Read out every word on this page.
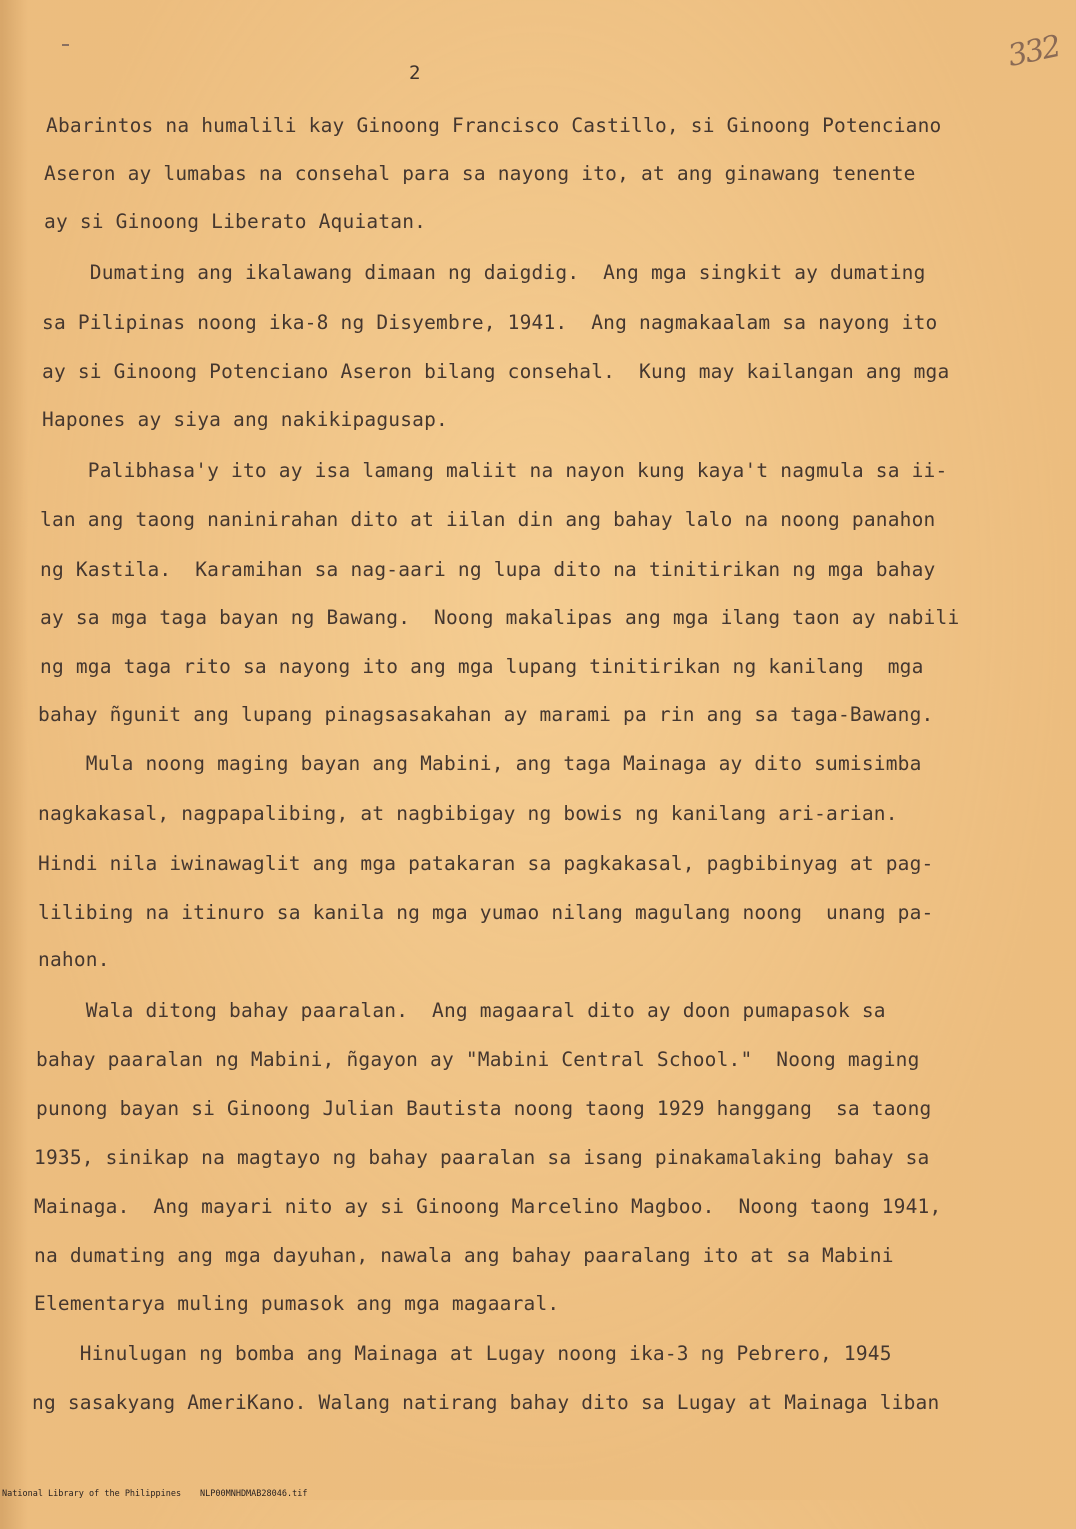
2	332
Abarintos na humalili kay Ginoong Francisco Castillo, si Ginoong Potenciano
Aseron ay lumabas na consehal para sa nayong ito, at ang ginawang tenente
ay si Ginoong Liberato Aquiatan.
Dumating ang ikalawang dimaan ng daigdig.  Ang mga singkit ay dumating
sa Pilipinas noong ika-8 ng Disyembre, 1941.  Ang nagmakaalam sa nayong ito
ay si Ginoong Potenciano Aseron bilang consehal.  Kung may kailangan ang mga
Hapones ay siya ang nakikipagusap.
Palibhasa'y ito ay isa lamang maliit na nayon kung kaya't nagmula sa ii-
lan ang taong naninirahan dito at iilan din ang bahay lalo na noong panahon
ng Kastila.  Karamihan sa nag-aari ng lupa dito na tinitirikan ng mga bahay
ay sa mga taga bayan ng Bawang.  Noong makalipas ang mga ilang taon ay nabili
ng mga taga rito sa nayong ito ang mga lupang tinitirikan ng kanilang  mga
bahay ñgunit ang lupang pinagsasakahan ay marami pa rin ang sa taga-Bawang.
Mula noong maging bayan ang Mabini, ang taga Mainaga ay dito sumisimba
nagkakasal, nagpapalibing, at nagbibigay ng bowis ng kanilang ari-arian.
Hindi nila iwinawaglit ang mga patakaran sa pagkakasal, pagbibinyag at pag-
lilibing na itinuro sa kanila ng mga yumao nilang magulang noong  unang pa-
nahon.
Wala ditong bahay paaralan.  Ang magaaral dito ay doon pumapasok sa
bahay paaralan ng Mabini, ñgayon ay "Mabini Central School."  Noong maging
punong bayan si Ginoong Julian Bautista noong taong 1929 hanggang  sa taong
1935, sinikap na magtayo ng bahay paaralan sa isang pinakamalaking bahay sa
Mainaga.  Ang mayari nito ay si Ginoong Marcelino Magboo.  Noong taong 1941,
na dumating ang mga dayuhan, nawala ang bahay paaralang ito at sa Mabini
Elementarya muling pumasok ang mga magaaral.
Hinulugan ng bomba ang Mainaga at Lugay noong ika-3 ng Pebrero, 1945
ng sasakyang AmeriKano. Walang natirang bahay dito sa Lugay at Mainaga liban

National Library of the Philippines

NLP00MNHDMAB28046.tif
